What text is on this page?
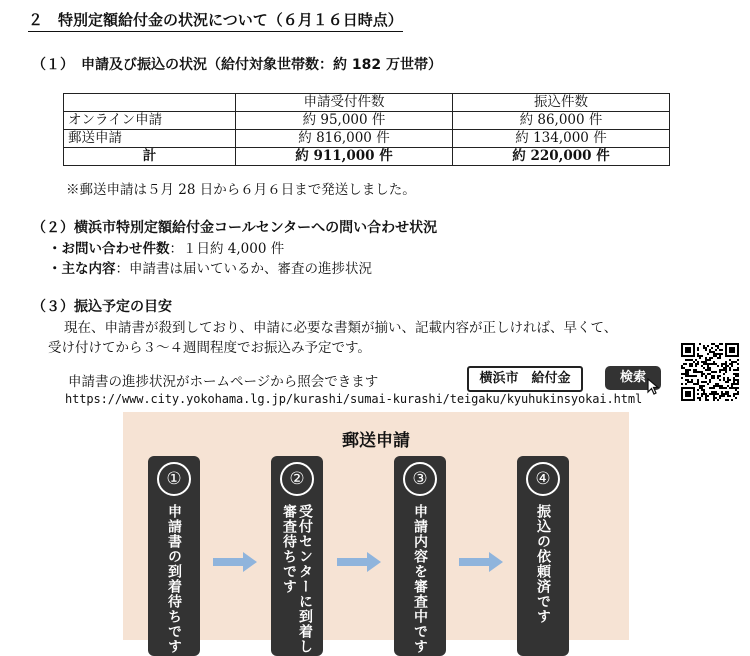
２　特別定額給付金の状況について（６月１６日時点）
（１）　申請及び振込の状況（給付対象世帯数：約 182 万世帯）
	申請受付件数	振込件数
オンライン申請	約 95,000 件	約 86,000 件
郵送申請	約 816,000 件	約 134,000 件
計	約 911,000 件	約 220,000 件
※郵送申請は５月 28 日から６月６日まで発送しました。
（２）横浜市特別定額給付金コールセンターへの問い合わせ状況
・お問い合わせ件数：１日約 4,000 件
・主な内容：申請書は届いているか、審査の進捗状況
（３）振込予定の目安
現在、申請書が殺到しており、申請に必要な書類が揃い、記載内容が正しければ、早くて、
受け付けてから３～４週間程度でお振込み予定です。
申請書の進捗状況がホームページから照会できます	横浜市　給付金	検索
https://www.city.yokohama.lg.jp/kurashi/sumai-kurashi/teigaku/kyuhukinsyokai.html
郵送申請
①
申請書の到着待ちです
②
受付センターに到着し
審査待ちです
③
申請内容を審査中です
④
振込の依頼済です
